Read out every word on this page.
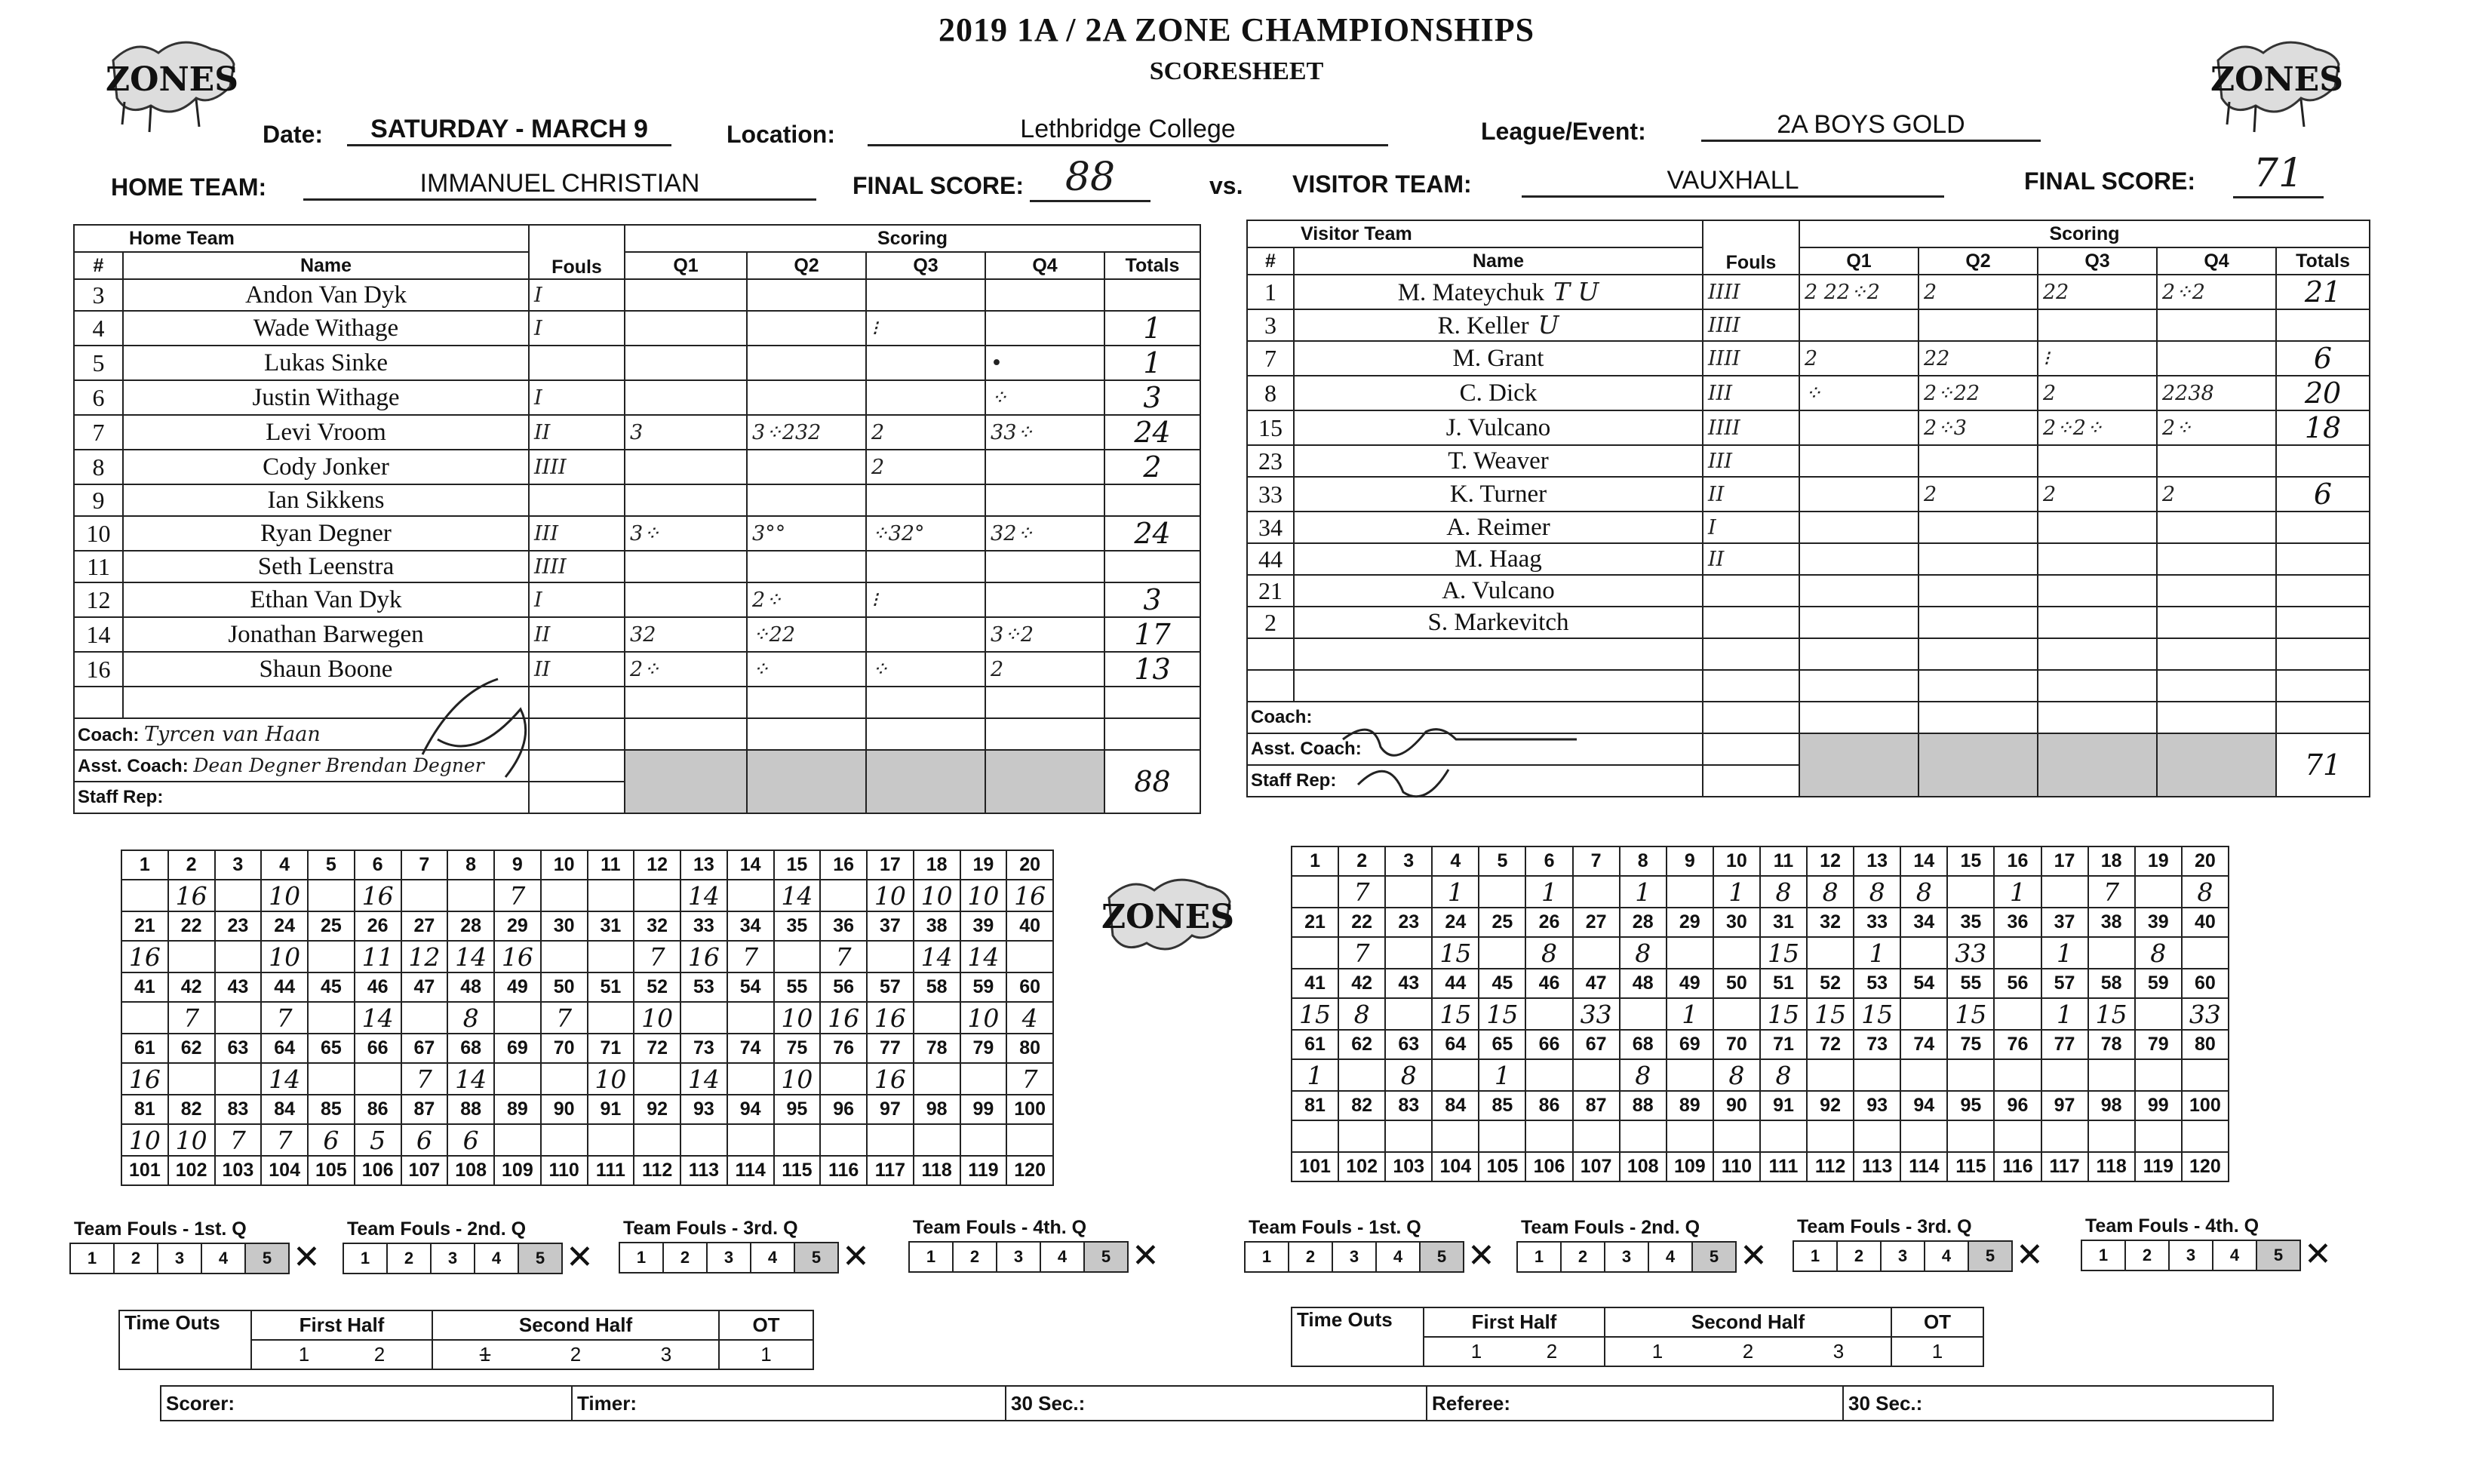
2019 1A / 2A ZONE CHAMPIONSHIPS
SCORESHEET
ZONES	ZONES
Date:	SATURDAY - MARCH 9	Location:	Lethbridge College	League/Event:	2A BOYS GOLD
HOME TEAM:	IMMANUEL CHRISTIAN	FINAL SCORE:	88	vs. VISITOR TEAM:	VAUXHALL	FINAL SCORE:	71
Home Team		Fouls	Scoring				
#	Name		Q1	Q2	Q3	Q4	Totals
3	Andon Van Dyk	I					
4	Wade Withage	I			⁝		1
5	Lukas Sinke					•	1
6	Justin Withage	I				⁘	3
7	Levi Vroom	II	3	3⁘232	2	33⁘	24
8	Cody Jonker	IIII			2		2
9	Ian Sikkens						
10	Ryan Degner	III	3⁘	3°°	⁘32°	32⁘	24
11	Seth Leenstra	IIII					
12	Ethan Van Dyk	I		2⁘	⁝		3
14	Jonathan Barwegen	II	32	⁘22		3⁘2	17
16	Shaun Boone	II	2⁘	⁘	⁘	2	13

Coach: Tyrcen van Haan							
Asst. Coach: Dean Degner Brendan Degner							88
Staff Rep:							
Visitor Team		Fouls	Scoring				
#	Name		Q1	Q2	Q3	Q4	Totals
1	M. Mateychuk T U	IIII	2 22⁘2	2	22	2⁘2	21
3	R. Keller U	IIII					
7	M. Grant	IIII	2	22	⁝		6
8	C. Dick	III	⁘	2⁘22	2	2238	20
15	J. Vulcano	IIII		2⁘3	2⁘2⁘	2⁘	18
23	T. Weaver	III					
33	K. Turner	II		2	2	2	6
34	A. Reimer	I					
44	M. Haag	II					
21	A. Vulcano						
2	S. Markevitch						

Coach:							
Asst. Coach:							71
Staff Rep:							
ZONES
1	2	3	4	5	6	7	8	9	10	11	12	13	14	15	16	17	18	19	20
	16		10		16			7				14		14		10	10	10	16
21	22	23	24	25	26	27	28	29	30	31	32	33	34	35	36	37	38	39	40
16			10		11	12	14	16			7	16	7		7		14	14	
41	42	43	44	45	46	47	48	49	50	51	52	53	54	55	56	57	58	59	60
	7		7		14		8		7		10			10	16	16		10	4
61	62	63	64	65	66	67	68	69	70	71	72	73	74	75	76	77	78	79	80
16			14			7	14			10		14		10		16			7
81	82	83	84	85	86	87	88	89	90	91	92	93	94	95	96	97	98	99	100
10	10	7	7	6	5	6	6												
101	102	103	104	105	106	107	108	109	110	111	112	113	114	115	116	117	118	119	120
1	2	3	4	5	6	7	8	9	10	11	12	13	14	15	16	17	18	19	20
	7		1		1		1		1	8	8	8	8		1		7		8
21	22	23	24	25	26	27	28	29	30	31	32	33	34	35	36	37	38	39	40
	7		15		8		8			15		1		33		1		8	
41	42	43	44	45	46	47	48	49	50	51	52	53	54	55	56	57	58	59	60
15	8		15	15		33		1		15	15	15		15		1	15		33
61	62	63	64	65	66	67	68	69	70	71	72	73	74	75	76	77	78	79	80
1		8		1			8		8	8									
81	82	83	84	85	86	87	88	89	90	91	92	93	94	95	96	97	98	99	100

101	102	103	104	105	106	107	108	109	110	111	112	113	114	115	116	117	118	119	120
Team Fouls - 1st. Q
1	2	3	4	5 ✕
Team Fouls - 2nd. Q
1	2	3	4	5 ✕
Team Fouls - 3rd. Q
1	2	3	4	5 ✕
Team Fouls - 4th. Q
1	2	3	4	5 ✕
Team Fouls - 1st. Q
1	2	3	4	5 ✕
Team Fouls - 2nd. Q
1	2	3	4	5 ✕
Team Fouls - 3rd. Q
1	2	3	4	5 ✕
Team Fouls - 4th. Q
1	2	3	4	5 ✕
Time Outs	First Half	Second Half	OT
	1 2	1 2 3	1
Time Outs	First Half	Second Half	OT
	1 2	1 2 3	1
Scorer:	Timer:	30 Sec.:	Referee:	30 Sec.:
